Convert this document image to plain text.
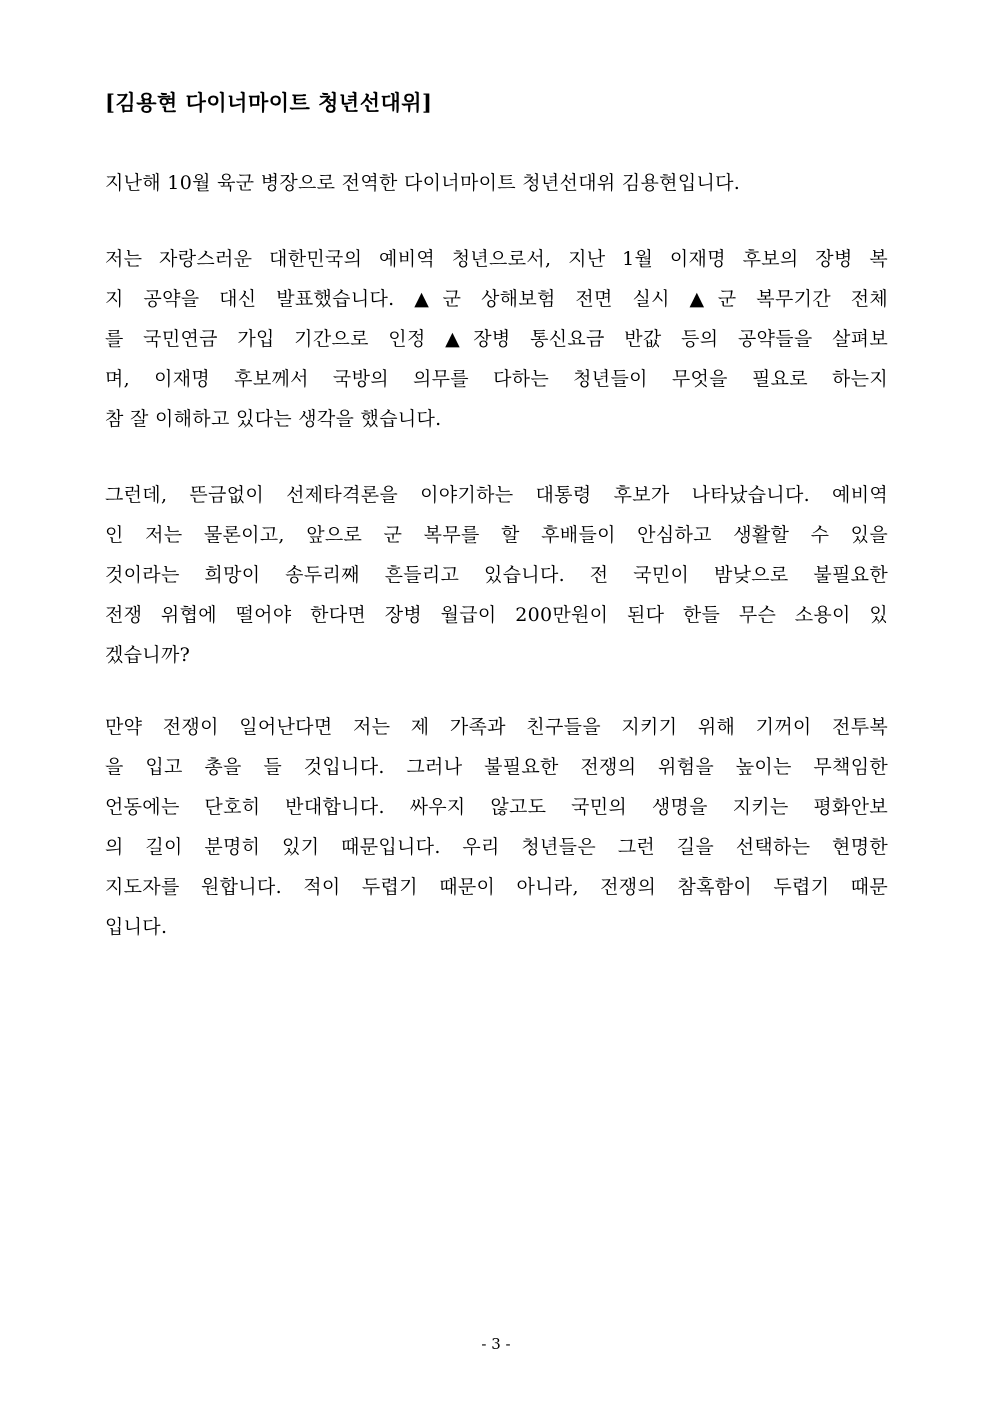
[김용현 다이너마이트 청년선대위]
지난해 10월 육군 병장으로 전역한 다이너마이트 청년선대위 김용현입니다.
저는 자랑스러운 대한민국의 예비역 청년으로서, 지난 1월 이재명 후보의 장병 복
지 공약을 대신 발표했습니다. ▲군 상해보험 전면 실시 ▲군 복무기간 전체
를 국민연금 가입 기간으로 인정 ▲장병 통신요금 반값 등의 공약들을 살펴보
며, 이재명 후보께서 국방의 의무를 다하는 청년들이 무엇을 필요로 하는지
참 잘 이해하고 있다는 생각을 했습니다.
그런데, 뜬금없이 선제타격론을 이야기하는 대통령 후보가 나타났습니다. 예비역
인 저는 물론이고, 앞으로 군 복무를 할 후배들이 안심하고 생활할 수 있을
것이라는 희망이 송두리째 흔들리고 있습니다. 전 국민이 밤낮으로 불필요한
전쟁 위협에 떨어야 한다면 장병 월급이 200만원이 된다 한들 무슨 소용이 있
겠습니까?
만약 전쟁이 일어난다면 저는 제 가족과 친구들을 지키기 위해 기꺼이 전투복
을 입고 총을 들 것입니다. 그러나 불필요한 전쟁의 위험을 높이는 무책임한
언동에는 단호히 반대합니다. 싸우지 않고도 국민의 생명을 지키는 평화안보
의 길이 분명히 있기 때문입니다. 우리 청년들은 그런 길을 선택하는 현명한
지도자를 원합니다. 적이 두렵기 때문이 아니라, 전쟁의 참혹함이 두렵기 때문
입니다.
- 3 -
